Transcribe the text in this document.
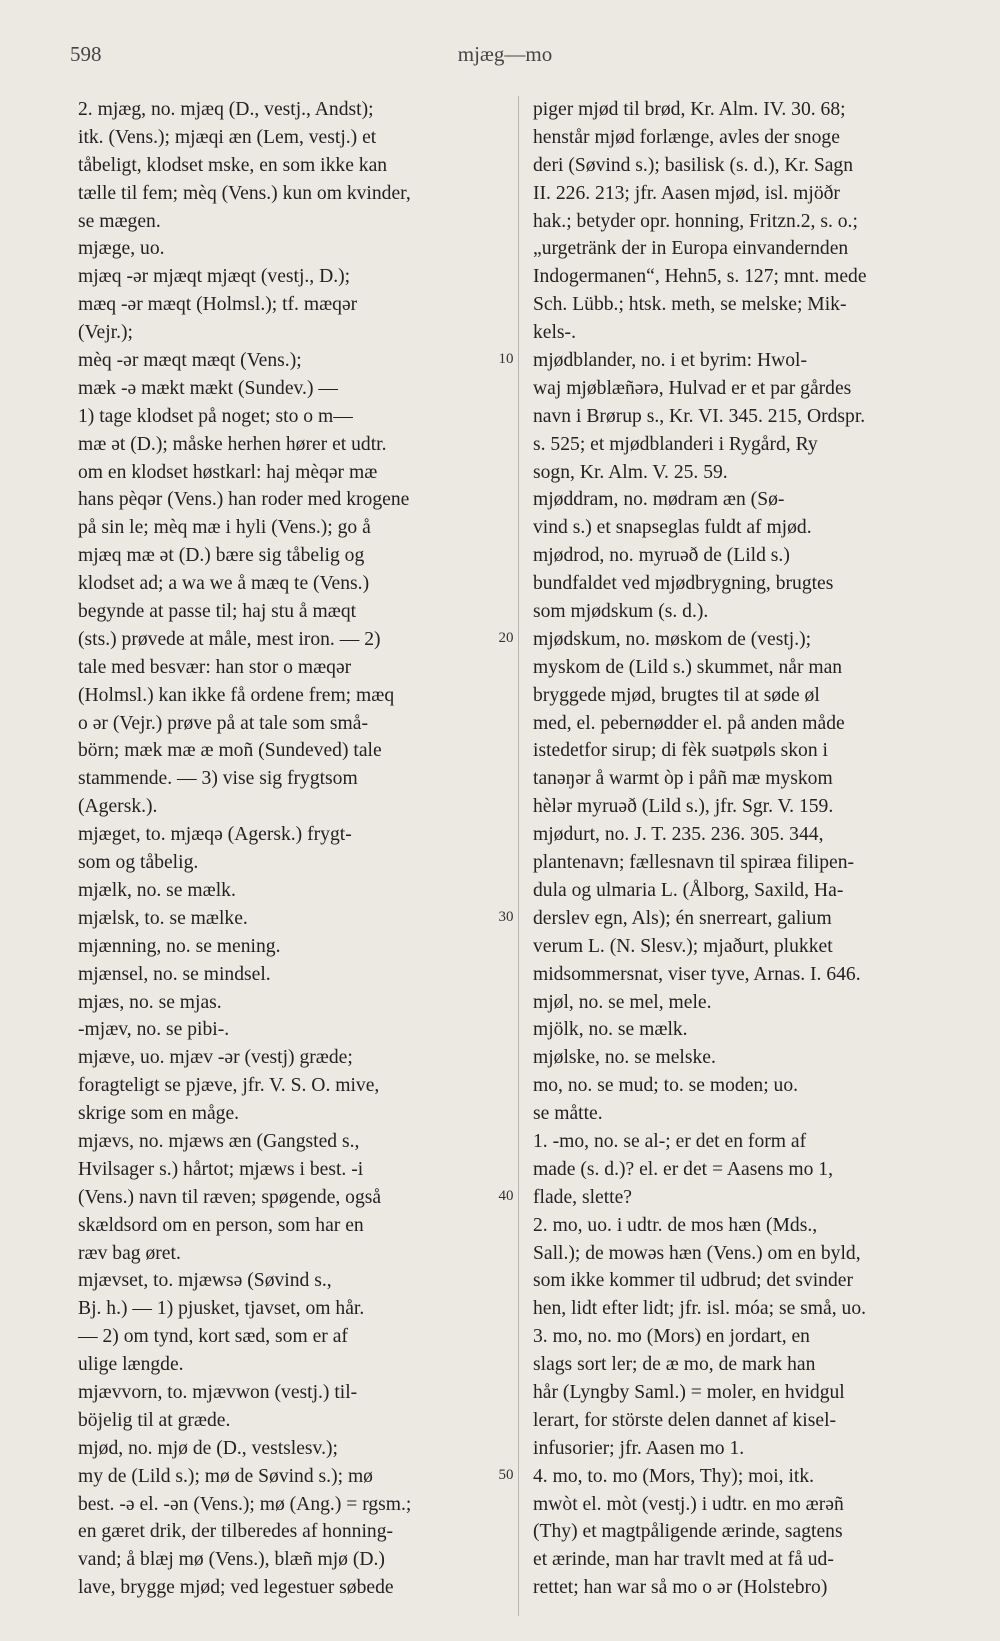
598	mjæg—mo
2. mjæg, no. mjæq (D., vestj., Andst);
itk. (Vens.); mjæqi æn (Lem, vestj.) et
tåbeligt, klodset mske, en som ikke kan
tælle til fem; mèq (Vens.) kun om kvinder,
se mægen.
mjæge, uo.
mjæq -ər mjæqt mjæqt (vestj., D.);
mæq -ər mæqt (Holmsl.); tf. mæqər
(Vejr.);
mèq -ər mæqt mæqt (Vens.);
mæk -ə mækt mækt (Sundev.) —
1) tage klodset på noget; sto o m—
mæ ət (D.); måske herhen hører et udtr.
om en klodset høstkarl: haj mèqər mæ
hans pèqər (Vens.) han roder med krogene
på sin le; mèq mæ i hyli (Vens.); go å
mjæq mæ ət (D.) bære sig tåbelig og
klodset ad; a wa we å mæq te (Vens.)
begynde at passe til; haj stu å mæqt
(sts.) prøvede at måle, mest iron. — 2)
tale med besvær: han stor o mæqər
(Holmsl.) kan ikke få ordene frem; mæq
o ər (Vejr.) prøve på at tale som små-
börn; mæk mæ æ moñ (Sundeved) tale
stammende. — 3) vise sig frygtsom
(Agersk.).
mjæget, to. mjæqə (Agersk.) frygt-
som og tåbelig.
mjælk, no. se mælk.
mjælsk, to. se mælke.
mjænning, no. se mening.
mjænsel, no. se mindsel.
mjæs, no. se mjas.
-mjæv, no. se pibi-.
mjæve, uo. mjæv -ər (vestj) græde;
foragteligt se pjæve, jfr. V. S. O. mive,
skrige som en måge.
mjævs, no. mjæws æn (Gangsted s.,
Hvilsager s.) hårtot; mjæws i best. -i
(Vens.) navn til ræven; spøgende, også
skældsord om en person, som har en
ræv bag øret.
mjævset, to. mjæwsə (Søvind s.,
Bj. h.) — 1) pjusket, tjavset, om hår.
— 2) om tynd, kort sæd, som er af
ulige længde.
mjævvorn, to. mjævwon (vestj.) til-
böjelig til at græde.
mjød, no. mjø de (D., vestslesv.);
my de (Lild s.); mø de Søvind s.); mø
best. -ə el. -ən (Vens.); mø (Ang.) = rgsm.;
en gæret drik, der tilberedes af honning-
vand; å blæj mø (Vens.), blæñ mjø (D.)
lave, brygge mjød; ved legestuer søbede
piger mjød til brød, Kr. Alm. IV. 30. 68;
henstår mjød forlænge, avles der snoge
deri (Søvind s.); basilisk (s. d.), Kr. Sagn
II. 226. 213; jfr. Aasen mjød, isl. mjöðr
hak.; betyder opr. honning, Fritzn.2, s. o.;
„urgetränk der in Europa einvandernden
Indogermanen“, Hehn5, s. 127; mnt. mede
Sch. Lübb.; htsk. meth, se melske; Mik-
kels-.
mjødblander, no. i et byrim: Hwol-
waj mjøblæñərə, Hulvad er et par gårdes
navn i Brørup s., Kr. VI. 345. 215, Ordspr.
s. 525; et mjødblanderi i Rygård, Ry
sogn, Kr. Alm. V. 25. 59.
mjøddram, no. mødram æn (Sø-
vind s.) et snapseglas fuldt af mjød.
mjødrod, no. myruəð de (Lild s.)
bundfaldet ved mjødbrygning, brugtes
som mjødskum (s. d.).
mjødskum, no. møskom de (vestj.);
myskom de (Lild s.) skummet, når man
bryggede mjød, brugtes til at søde øl
med, el. pebernødder el. på anden måde
istedetfor sirup; di fèk suətpøls skon i
tanəŋər å warmt òp i påñ mæ myskom
hèlər myruəð (Lild s.), jfr. Sgr. V. 159.
mjødurt, no. J. T. 235. 236. 305. 344,
plantenavn; fællesnavn til spiræa filipen-
dula og ulmaria L. (Ålborg, Saxild, Ha-
derslev egn, Als); én snerreart, galium
verum L. (N. Slesv.); mjaðurt, plukket
midsommersnat, viser tyve, Arnas. I. 646.
mjøl, no. se mel, mele.
mjölk, no. se mælk.
mjølske, no. se melske.
mo, no. se mud; to. se moden; uo.
se måtte.
1. -mo, no. se al-; er det en form af
made (s. d.)? el. er det = Aasens mo 1,
flade, slette?
2. mo, uo. i udtr. de mos hæn (Mds.,
Sall.); de mowəs hæn (Vens.) om en byld,
som ikke kommer til udbrud; det svinder
hen, lidt efter lidt; jfr. isl. móa; se små, uo.
3. mo, no. mo (Mors) en jordart, en
slags sort ler; de æ mo, de mark han
hår (Lyngby Saml.) = moler, en hvidgul
lerart, for störste delen dannet af kisel-
infusorier; jfr. Aasen mo 1.
4. mo, to. mo (Mors, Thy); moi, itk.
mwòt el. mòt (vestj.) i udtr. en mo ærəñ
(Thy) et magtpåligende ærinde, sagtens
et ærinde, man har travlt med at få ud-
rettet; han war så mo o ər (Holstebro)
10
20
30
40
50
